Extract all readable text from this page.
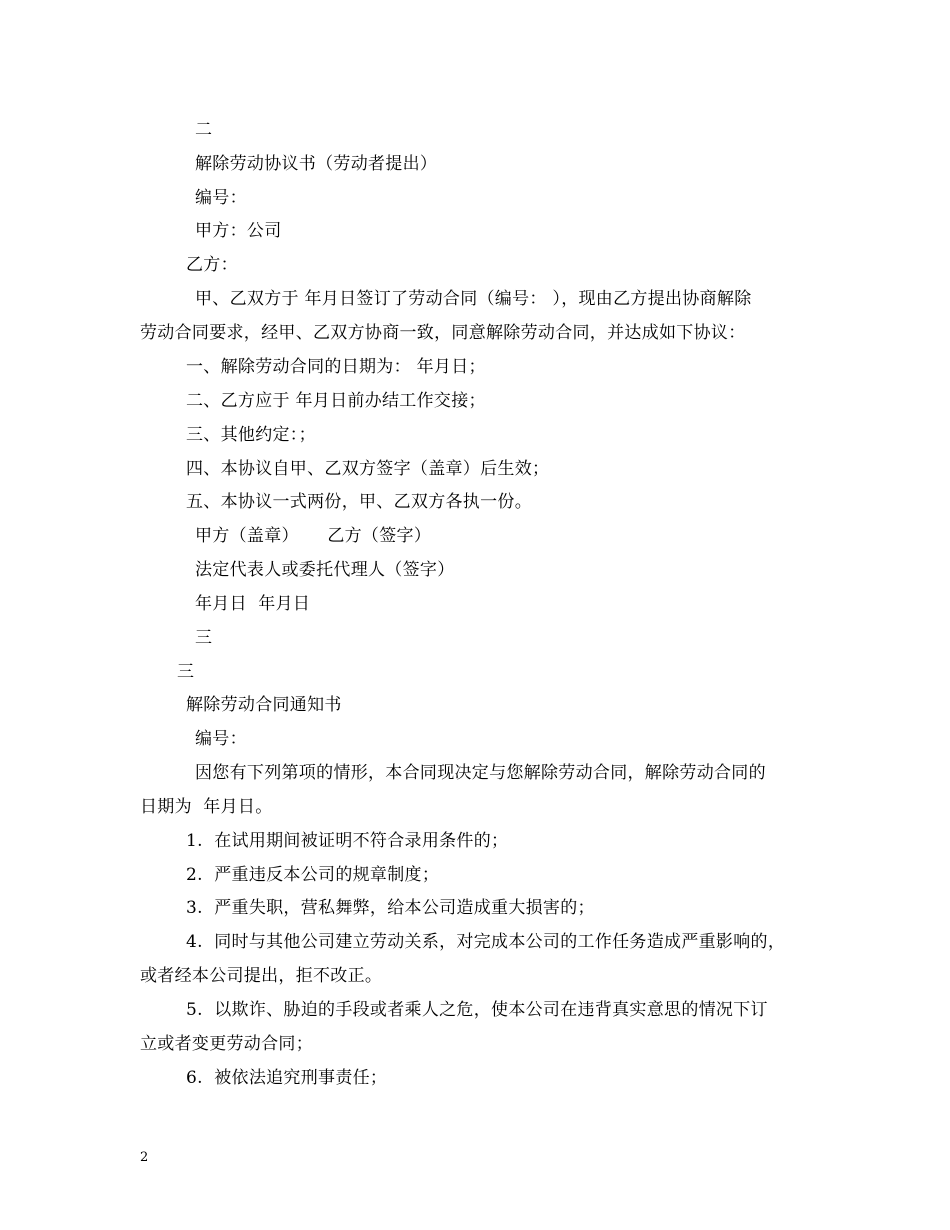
二
解除劳动协议书（劳动者提出）
编号：
甲方：公司
乙方：
甲、乙双方于 年月日签订了劳动合同（编号： ），现由乙方提出协商解除
劳动合同要求，经甲、乙双方协商一致，同意解除劳动合同，并达成如下协议：
一、解除劳动合同的日期为： 年月日；
二、乙方应于 年月日前办结工作交接；
三、其他约定：；
四、本协议自甲、乙双方签字（盖章）后生效；
五、本协议一式两份，甲、乙双方各执一份。
甲方（盖章）     乙方（签字）
法定代表人或委托代理人（签字）
年月日  年月日
三
三
解除劳动合同通知书
编号：
因您有下列第项的情形，本合同现决定与您解除劳动合同，解除劳动合同的
日期为  年月日。
1.  在试用期间被证明不符合录用条件的；
2.  严重违反本公司的规章制度；
3.  严重失职，营私舞弊，给本公司造成重大损害的；
4.  同时与其他公司建立劳动关系，对完成本公司的工作任务造成严重影响的，
或者经本公司提出，拒不改正。
5.  以欺诈、胁迫的手段或者乘人之危，使本公司在违背真实意思的情况下订
立或者变更劳动合同；
6.  被依法追究刑事责任；
2
